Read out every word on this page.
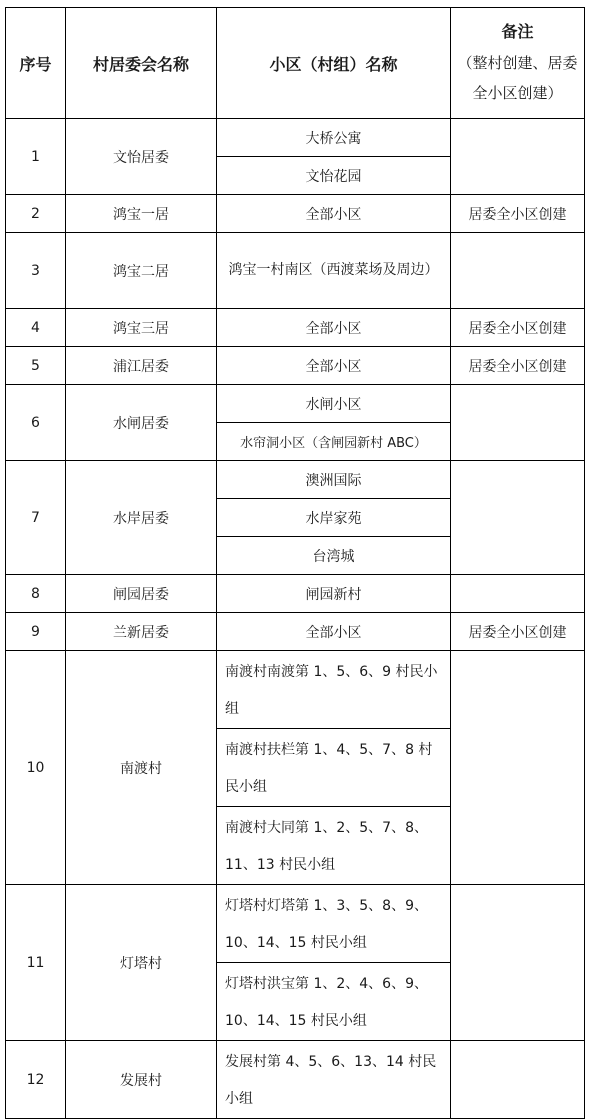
序号	村居委会名称	小区（村组）名称	备注
（整村创建、居委全小区创建）

1	文怡居委	大桥公寓	
		文怡花园	
2	鸿宝一居	全部小区	居委全小区创建
3	鸿宝二居	鸿宝一村南区（西渡菜场及周边）	
4	鸿宝三居	全部小区	居委全小区创建
5	浦江居委	全部小区	居委全小区创建
6	水闸居委	水闸小区	
		水帘洞小区（含闸园新村 ABC）	
7	水岸居委	澳洲国际	
		水岸家苑	
		台湾城	
8	闸园居委	闸园新村	
9	兰新居委	全部小区	居委全小区创建
10	南渡村	南渡村南渡第 1、5、6、9 村民小组	
		南渡村扶栏第 1、4、5、7、8 村民小组	
		南渡村大同第 1、2、5、7、8、11、13 村民小组	
11	灯塔村	灯塔村灯塔第 1、3、5、8、9、10、14、15 村民小组	
		灯塔村洪宝第 1、2、4、6、9、10、14、15 村民小组	
12	发展村	发展村第 4、5、6、13、14 村民小组	
